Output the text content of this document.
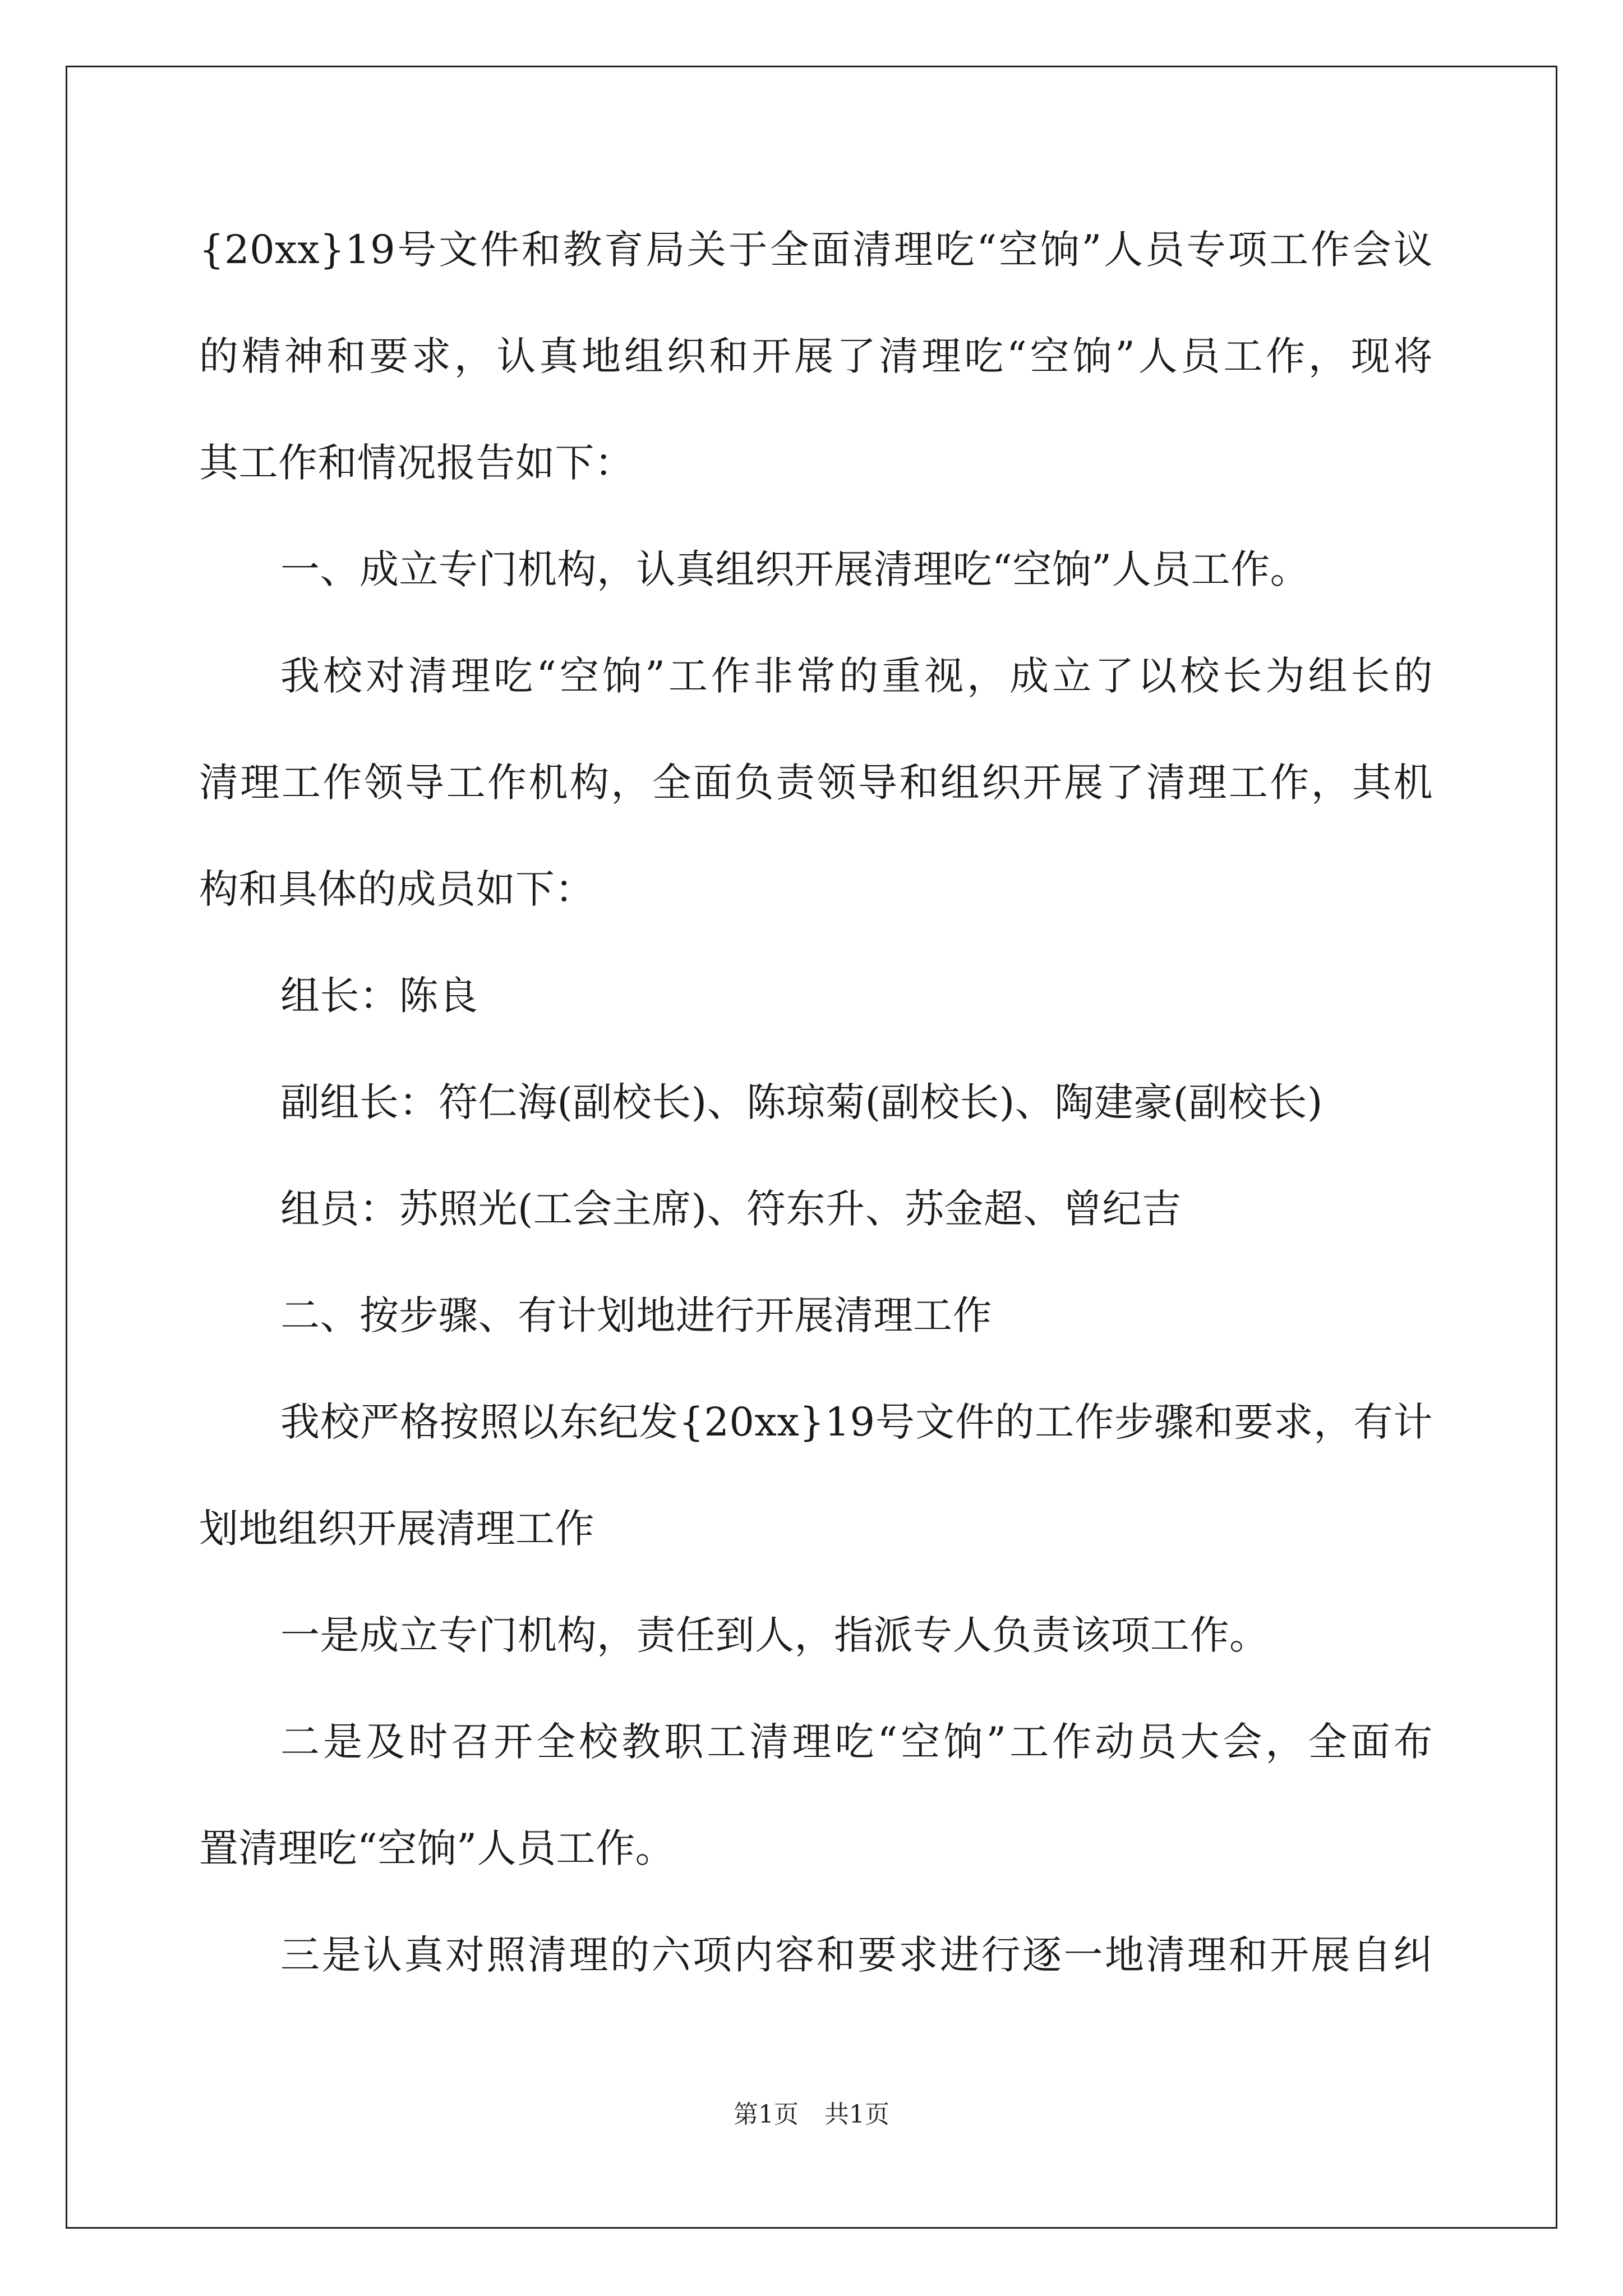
{20xx}19号文件和教育局关于全面清理吃“空饷”人员专项工作会议
的精神和要求，认真地组织和开展了清理吃“空饷”人员工作，现将
其工作和情况报告如下：
一、成立专门机构，认真组织开展清理吃“空饷”人员工作。
我校对清理吃“空饷”工作非常的重视，成立了以校长为组长的
清理工作领导工作机构，全面负责领导和组织开展了清理工作，其机
构和具体的成员如下：
组长：陈良
副组长：符仁海(副校长)、陈琼菊(副校长)、陶建豪(副校长)
组员：苏照光(工会主席)、符东升、苏金超、曾纪吉
二、按步骤、有计划地进行开展清理工作
我校严格按照以东纪发{20xx}19号文件的工作步骤和要求，有计
划地组织开展清理工作
一是成立专门机构，责任到人，指派专人负责该项工作。
二是及时召开全校教职工清理吃“空饷”工作动员大会，全面布
置清理吃“空饷”人员工作。
三是认真对照清理的六项内容和要求进行逐一地清理和开展自纠
第1页 共1页
